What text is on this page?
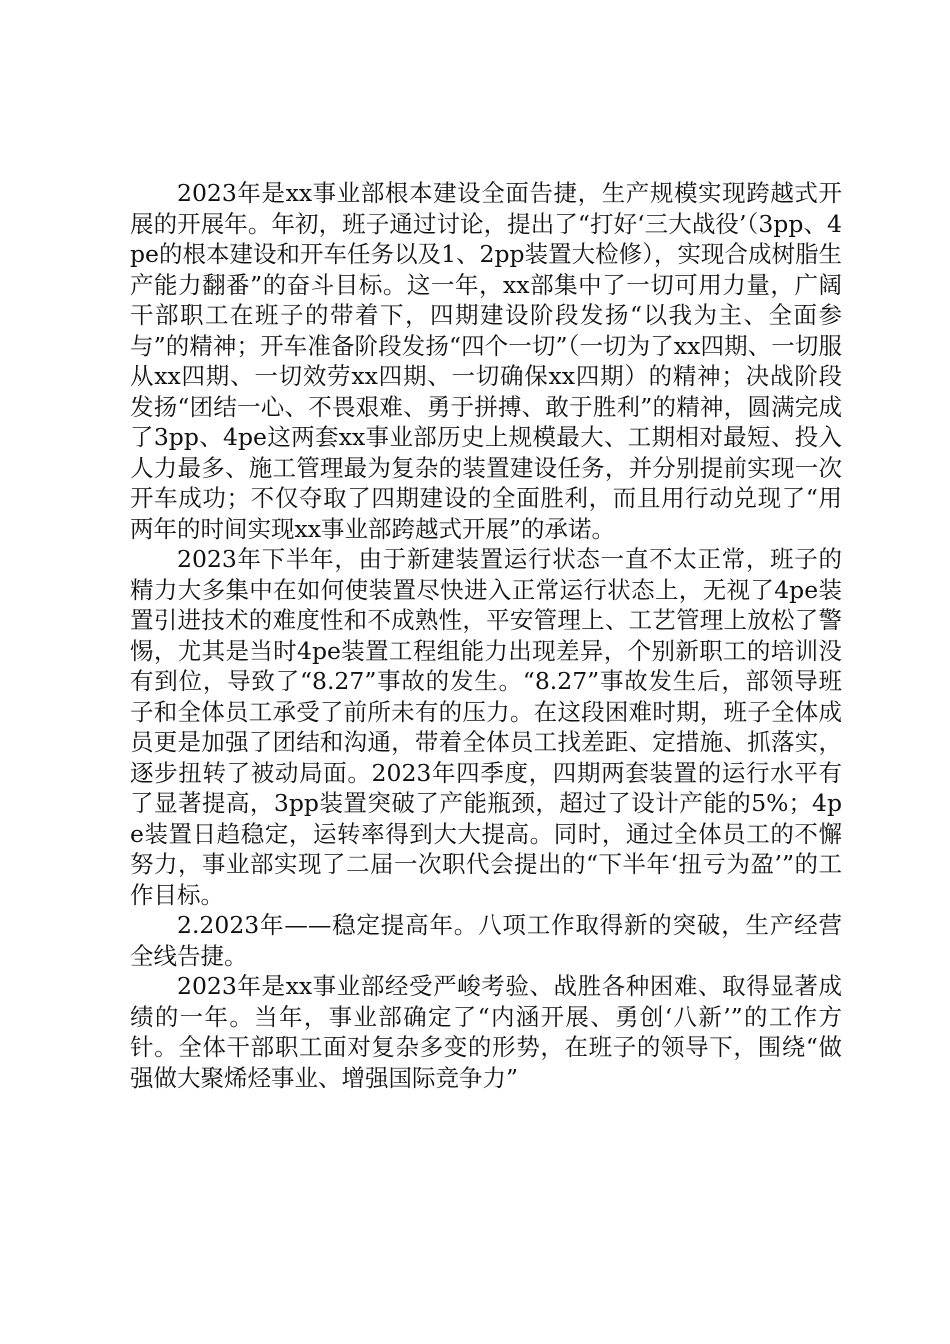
2023年是xx事业部根本建设全面告捷，生产规模实现跨越式开展的开展年。年初，班子通过讨论，提出了“打好‘三大战役’（3pp、4pe的根本建设和开车任务以及1、2pp装置大检修），实现合成树脂生产能力翻番”的奋斗目标。这一年，xx部集中了一切可用力量，广阔干部职工在班子的带着下，四期建设阶段发扬“以我为主、全面参与”的精神；开车准备阶段发扬“四个一切”（一切为了xx四期、一切服从xx四期、一切效劳xx四期、一切确保xx四期）的精神；决战阶段发扬“团结一心、不畏艰难、勇于拼搏、敢于胜利”的精神，圆满完成了3pp、4pe这两套xx事业部历史上规模最大、工期相对最短、投入人力最多、施工管理最为复杂的装置建设任务，并分别提前实现一次开车成功；不仅夺取了四期建设的全面胜利，而且用行动兑现了“用两年的时间实现xx事业部跨越式开展”的承诺。

2023年下半年，由于新建装置运行状态一直不太正常，班子的精力大多集中在如何使装置尽快进入正常运行状态上，无视了4pe装置引进技术的难度性和不成熟性，平安管理上、工艺管理上放松了警惕，尤其是当时4pe装置工程组能力出现差异，个别新职工的培训没有到位，导致了“8.27”事故的发生。“8.27”事故发生后，部领导班子和全体员工承受了前所未有的压力。在这段困难时期，班子全体成员更是加强了团结和沟通，带着全体员工找差距、定措施、抓落实，逐步扭转了被动局面。2023年四季度，四期两套装置的运行水平有了显著提高，3pp装置突破了产能瓶颈，超过了设计产能的5%；4pe装置日趋稳定，运转率得到大大提高。同时，通过全体员工的不懈努力，事业部实现了二届一次职代会提出的“下半年‘扭亏为盈’”的工作目标。

2.2023年——稳定提高年。八项工作取得新的突破，生产经营全线告捷。

2023年是xx事业部经受严峻考验、战胜各种困难、取得显著成绩的一年。当年，事业部确定了“内涵开展、勇创‘八新’”的工作方针。全体干部职工面对复杂多变的形势，在班子的领导下，围绕“做强做大聚烯烃事业、增强国际竞争力”
